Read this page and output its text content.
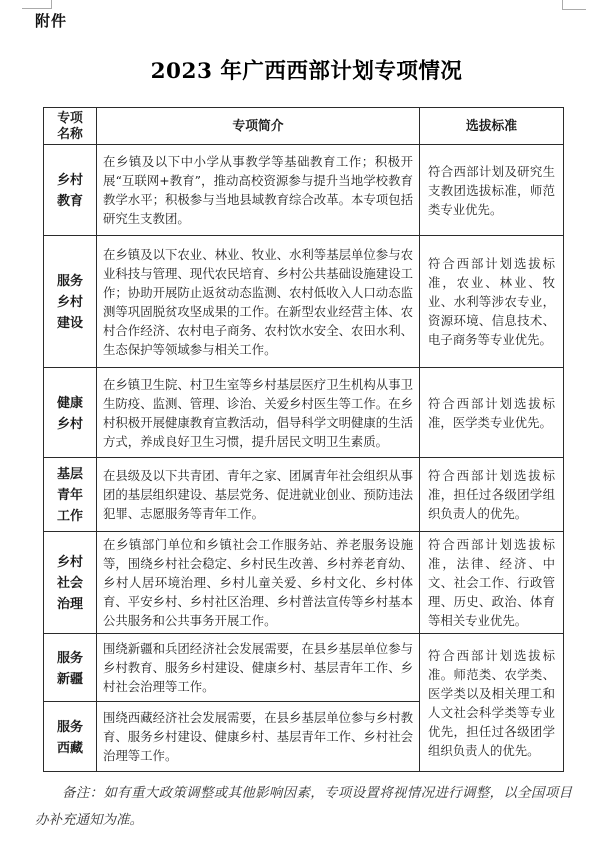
附件
2023 年广西西部计划专项情况
专项名称	专项简介	选拔标准
乡村教育	在乡镇及以下中小学从事教学等基础教育工作；积极开展“互联网+教育”，推动高校资源参与提升当地学校教育教学水平；积极参与当地县域教育综合改革。本专项包括研究生支教团。	符合西部计划及研究生支教团选拔标准，师范类专业优先。
服务乡村建设	在乡镇及以下农业、林业、牧业、水利等基层单位参与农业科技与管理、现代农民培育、乡村公共基础设施建设工作；协助开展防止返贫动态监测、农村低收入人口动态监测等巩固脱贫攻坚成果的工作。在新型农业经营主体、农村合作经济、农村电子商务、农村饮水安全、农田水利、生态保护等领域参与相关工作。	符合西部计划选拔标准，农业、林业、牧业、水利等涉农专业，资源环境、信息技术、电子商务等专业优先。
健康乡村	在乡镇卫生院、村卫生室等乡村基层医疗卫生机构从事卫生防疫、监测、管理、诊治、关爱乡村医生等工作。在乡村积极开展健康教育宣教活动，倡导科学文明健康的生活方式，养成良好卫生习惯，提升居民文明卫生素质。	符合西部计划选拔标准，医学类专业优先。
基层青年工作	在县级及以下共青团、青年之家、团属青年社会组织从事团的基层组织建设、基层党务、促进就业创业、预防违法犯罪、志愿服务等青年工作。	符合西部计划选拔标准，担任过各级团学组织负责人的优先。
乡村社会治理	在乡镇部门单位和乡镇社会工作服务站、养老服务设施等，围绕乡村社会稳定、乡村民生改善、乡村养老育幼、乡村人居环境治理、乡村儿童关爱、乡村文化、乡村体育、平安乡村、乡村社区治理、乡村普法宣传等乡村基本公共服务和公共事务开展工作。	符合西部计划选拔标准，法律、经济、中文、社会工作、行政管理、历史、政治、体育等相关专业优先。
服务新疆	围绕新疆和兵团经济社会发展需要，在县乡基层单位参与乡村教育、服务乡村建设、健康乡村、基层青年工作、乡村社会治理等工作。	符合西部计划选拔标准。师范类、农学类、医学类以及相关理工和人文社会科学类等专业优先，担任过各级团学组织负责人的优先。
服务西藏	围绕西藏经济社会发展需要，在县乡基层单位参与乡村教育、服务乡村建设、健康乡村、基层青年工作、乡村社会治理等工作。	

备注：如有重大政策调整或其他影响因素，专项设置将视情况进行调整，以全国项目办补充通知为准。
